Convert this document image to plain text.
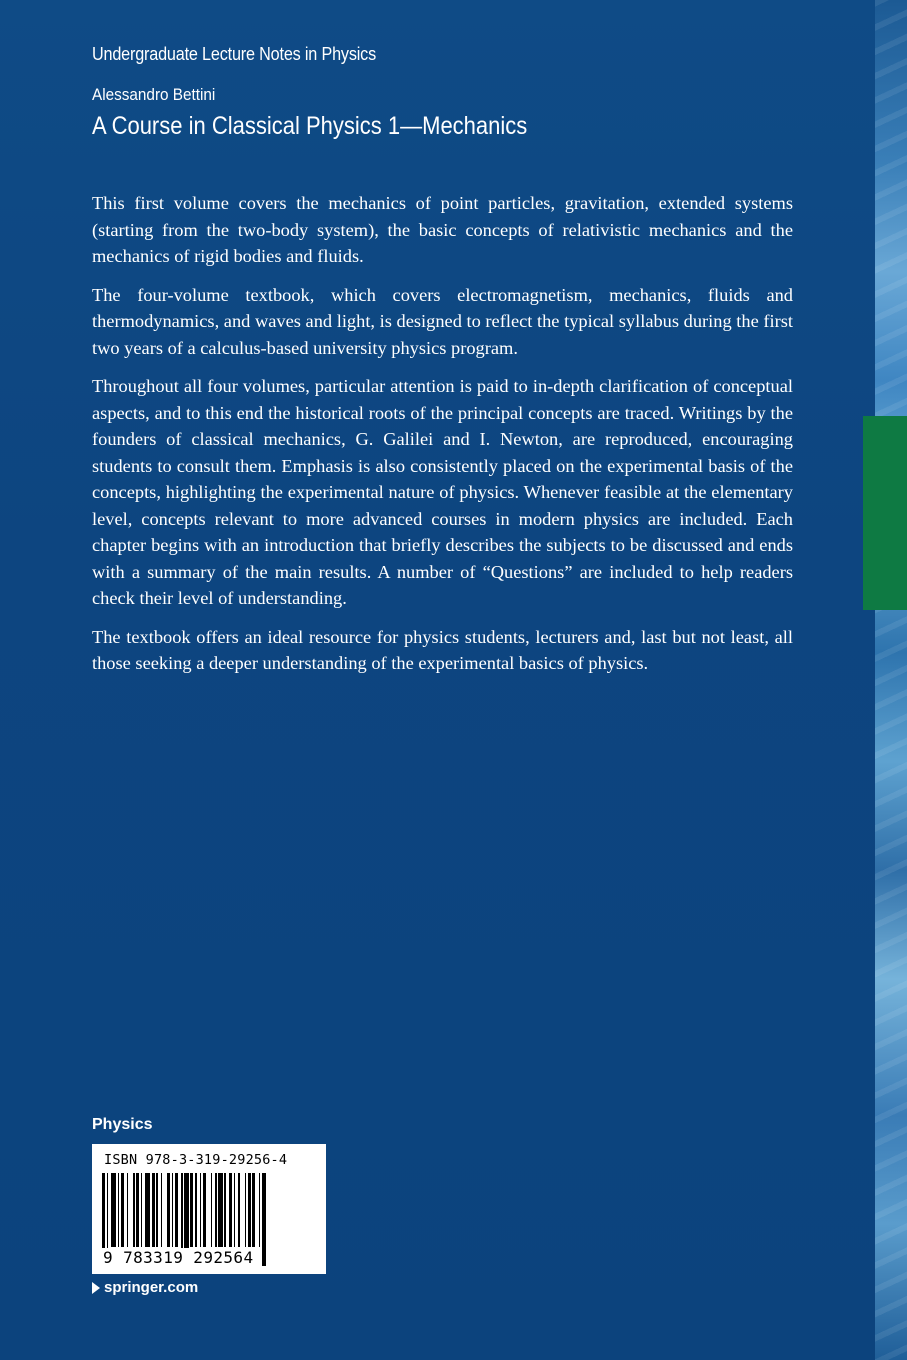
Undergraduate Lecture Notes in Physics
Alessandro Bettini
A Course in Classical Physics 1—Mechanics

This first volume covers the mechanics of point particles, gravitation, extended systems (starting from the two-body system), the basic concepts of relativistic mechanics and the mechanics of rigid bodies and fluids.

The four-volume textbook, which covers electromagnetism, mechanics, fluids and thermodynamics, and waves and light, is designed to reflect the typical syllabus during the first two years of a calculus-based university physics program.

Throughout all four volumes, particular attention is paid to in-depth clarification of conceptual aspects, and to this end the historical roots of the principal concepts are traced. Writings by the founders of classical mechanics, G. Galilei and I. Newton, are reproduced, encouraging students to consult them. Emphasis is also consistently placed on the experimental basis of the concepts, highlighting the experimental nature of physics. Whenever feasible at the elementary level, concepts relevant to more advanced courses in modern physics are included. Each chapter begins with an introduction that briefly describes the subjects to be discussed and ends with a summary of the main results. A number of “Questions” are included to help readers check their level of understanding.

The textbook offers an ideal resource for physics students, lecturers and, last but not least, all those seeking a deeper understanding of the experimental basics of physics.

Physics
ISBN 978-3-319-29256-4
9 783319 292564
springer.com
